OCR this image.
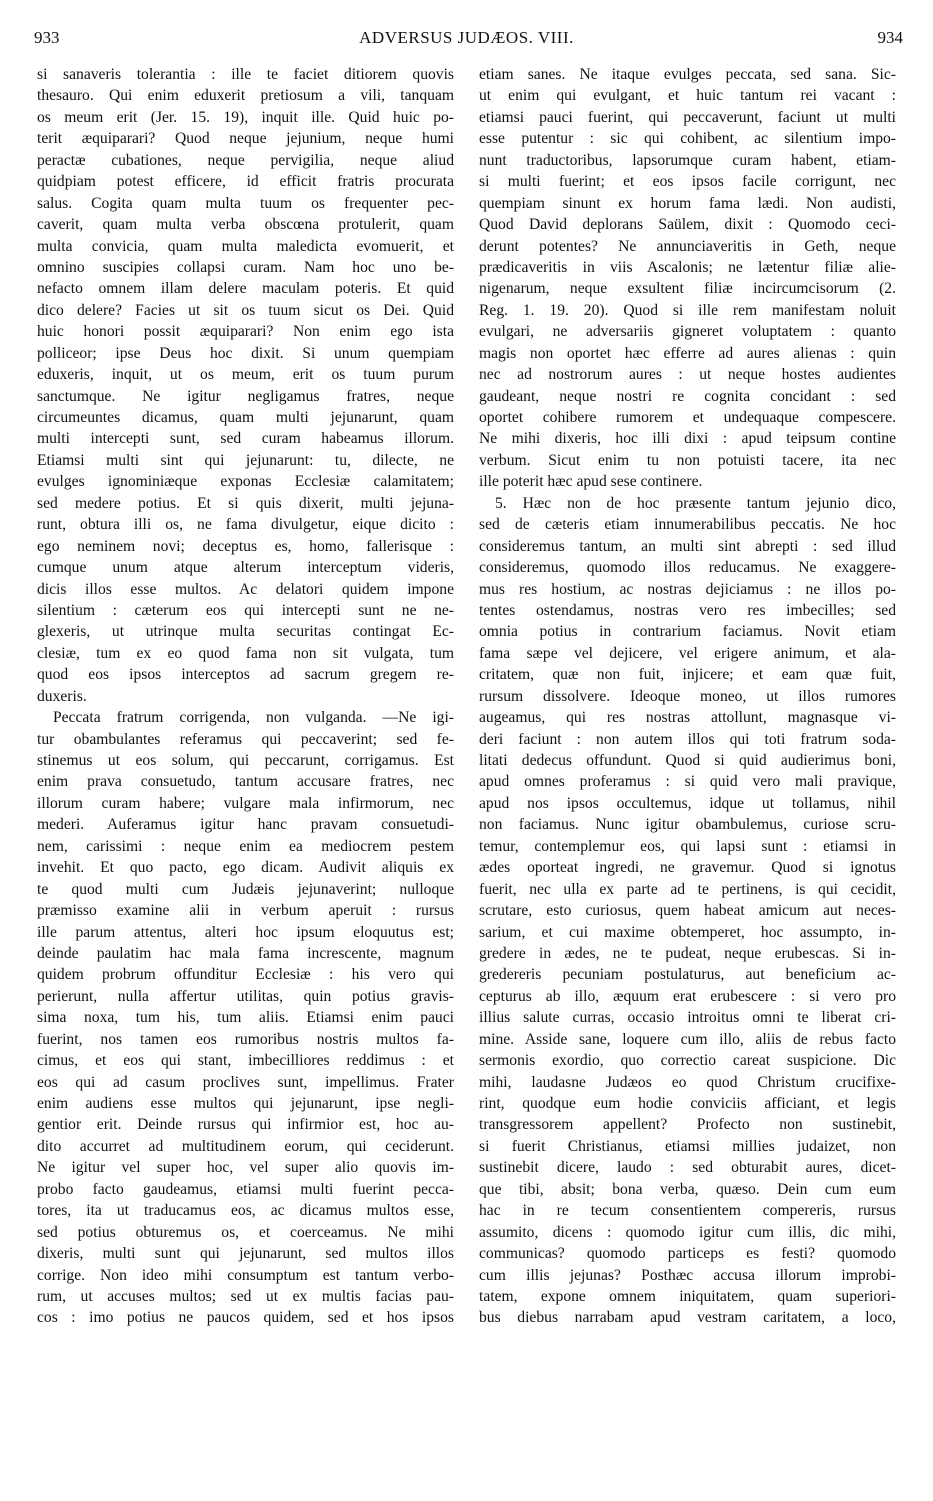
933	ADVERSUS JUDÆOS. VIII.	934
si sanaveris tolerantia : ille te faciet ditiorem quovis
thesauro. Qui enim eduxerit pretiosum a vili, tanquam
os meum erit (Jer. 15. 19), inquit ille. Quid huic po-
terit æquiparari? Quod neque jejunium, neque humi
peractæ cubationes, neque pervigilia, neque aliud
quidpiam potest efficere, id efficit fratris procurata
salus. Cogita quam multa tuum os frequenter pec-
caverit, quam multa verba obscœna protulerit, quam
multa convicia, quam multa maledicta evomuerit, et
omnino suscipies collapsi curam. Nam hoc uno be-
nefacto omnem illam delere maculam poteris. Et quid
dico delere? Facies ut sit os tuum sicut os Dei. Quid
huic honori possit æquiparari? Non enim ego ista
polliceor; ipse Deus hoc dixit. Si unum quempiam
eduxeris, inquit, ut os meum, erit os tuum purum
sanctumque. Ne igitur negligamus fratres, neque
circumeuntes dicamus, quam multi jejunarunt, quam
multi intercepti sunt, sed curam habeamus illorum.
Etiamsi multi sint qui jejunarunt: tu, dilecte, ne
evulges ignominiæque exponas Ecclesiæ calamitatem;
sed medere potius. Et si quis dixerit, multi jejuna-
runt, obtura illi os, ne fama divulgetur, eique dicito :
ego neminem novi; deceptus es, homo, fallerisque :
cumque unum atque alterum interceptum videris,
dicis illos esse multos. Ac delatori quidem impone
silentium : cæterum eos qui intercepti sunt ne ne-
glexeris, ut utrinque multa securitas contingat Ec-
clesiæ, tum ex eo quod fama non sit vulgata, tum
quod eos ipsos interceptos ad sacrum gregem re-
duxeris.
Peccata fratrum corrigenda, non vulganda. —Ne igi-
tur obambulantes referamus qui peccaverint; sed fe-
stinemus ut eos solum, qui peccarunt, corrigamus. Est
enim prava consuetudo, tantum accusare fratres, nec
illorum curam habere; vulgare mala infirmorum, nec
mederi. Auferamus igitur hanc pravam consuetudi-
nem, carissimi : neque enim ea mediocrem pestem
invehit. Et quo pacto, ego dicam. Audivit aliquis ex
te quod multi cum Judæis jejunaverint; nulloque
præmisso examine alii in verbum aperuit : rursus
ille parum attentus, alteri hoc ipsum eloquutus est;
deinde paulatim hac mala fama increscente, magnum
quidem probrum offunditur Ecclesiæ : his vero qui
perierunt, nulla affertur utilitas, quin potius gravis-
sima noxa, tum his, tum aliis. Etiamsi enim pauci
fuerint, nos tamen eos rumoribus nostris multos fa-
cimus, et eos qui stant, imbecilliores reddimus : et
eos qui ad casum proclives sunt, impellimus. Frater
enim audiens esse multos qui jejunarunt, ipse negli-
gentior erit. Deinde rursus qui infirmior est, hoc au-
dito accurret ad multitudinem eorum, qui ceciderunt.
Ne igitur vel super hoc, vel super alio quovis im-
probo facto gaudeamus, etiamsi multi fuerint pecca-
tores, ita ut traducamus eos, ac dicamus multos esse,
sed potius obturemus os, et coerceamus. Ne mihi
dixeris, multi sunt qui jejunarunt, sed multos illos
corrige. Non ideo mihi consumptum est tantum verbo-
rum, ut accuses multos; sed ut ex multis facias pau-
cos : imo potius ne paucos quidem, sed et hos ipsos
etiam sanes. Ne itaque evulges peccata, sed sana. Sic-
ut enim qui evulgant, et huic tantum rei vacant :
etiamsi pauci fuerint, qui peccaverunt, faciunt ut multi
esse putentur : sic qui cohibent, ac silentium impo-
nunt traductoribus, lapsorumque curam habent, etiam-
si multi fuerint; et eos ipsos facile corrigunt, nec
quempiam sinunt ex horum fama lædi. Non audisti,
Quod David deplorans Saülem, dixit : Quomodo ceci-
derunt potentes? Ne annunciaveritis in Geth, neque
prædicaveritis in viis Ascalonis; ne lætentur filiæ alie-
nigenarum, neque exsultent filiæ incircumcisorum (2.
Reg. 1. 19. 20). Quod si ille rem manifestam noluit
evulgari, ne adversariis gigneret voluptatem : quanto
magis non oportet hæc efferre ad aures alienas : quin
nec ad nostrorum aures : ut neque hostes audientes
gaudeant, neque nostri re cognita concidant : sed
oportet cohibere rumorem et undequaque compescere.
Ne mihi dixeris, hoc illi dixi : apud teipsum contine
verbum. Sicut enim tu non potuisti tacere, ita nec
ille poterit hæc apud sese continere.
5. Hæc non de hoc præsente tantum jejunio dico,
sed de cæteris etiam innumerabilibus peccatis. Ne hoc
consideremus tantum, an multi sint abrepti : sed illud
consideremus, quomodo illos reducamus. Ne exaggere-
mus res hostium, ac nostras dejiciamus : ne illos po-
tentes ostendamus, nostras vero res imbecilles; sed
omnia potius in contrarium faciamus. Novit etiam
fama sæpe vel dejicere, vel erigere animum, et ala-
critatem, quæ non fuit, injicere; et eam quæ fuit,
rursum dissolvere. Ideoque moneo, ut illos rumores
augeamus, qui res nostras attollunt, magnasque vi-
deri faciunt : non autem illos qui toti fratrum soda-
litati dedecus offundunt. Quod si quid audierimus boni,
apud omnes proferamus : si quid vero mali pravique,
apud nos ipsos occultemus, idque ut tollamus, nihil
non faciamus. Nunc igitur obambulemus, curiose scru-
temur, contemplemur eos, qui lapsi sunt : etiamsi in
ædes oporteat ingredi, ne gravemur. Quod si ignotus
fuerit, nec ulla ex parte ad te pertinens, is qui cecidit,
scrutare, esto curiosus, quem habeat amicum aut neces-
sarium, et cui maxime obtemperet, hoc assumpto, in-
gredere in ædes, ne te pudeat, neque erubescas. Si in-
gredereris pecuniam postulaturus, aut beneficium ac-
cepturus ab illo, æquum erat erubescere : si vero pro
illius salute curras, occasio introitus omni te liberat cri-
mine. Asside sane, loquere cum illo, aliis de rebus facto
sermonis exordio, quo correctio careat suspicione. Dic
mihi, laudasne Judæos eo quod Christum crucifixe-
rint, quodque eum hodie conviciis afficiant, et legis
transgressorem appellent? Profecto non sustinebit,
si fuerit Christianus, etiamsi millies judaizet, non
sustinebit dicere, laudo : sed obturabit aures, dicet-
que tibi, absit; bona verba, quæso. Dein cum eum
hac in re tecum consentientem compereris, rursus
assumito, dicens : quomodo igitur cum illis, dic mihi,
communicas? quomodo particeps es festi? quomodo
cum illis jejunas? Posthæc accusa illorum improbi-
tatem, expone omnem iniquitatem, quam superiori-
bus diebus narrabam apud vestram caritatem, a loco,
